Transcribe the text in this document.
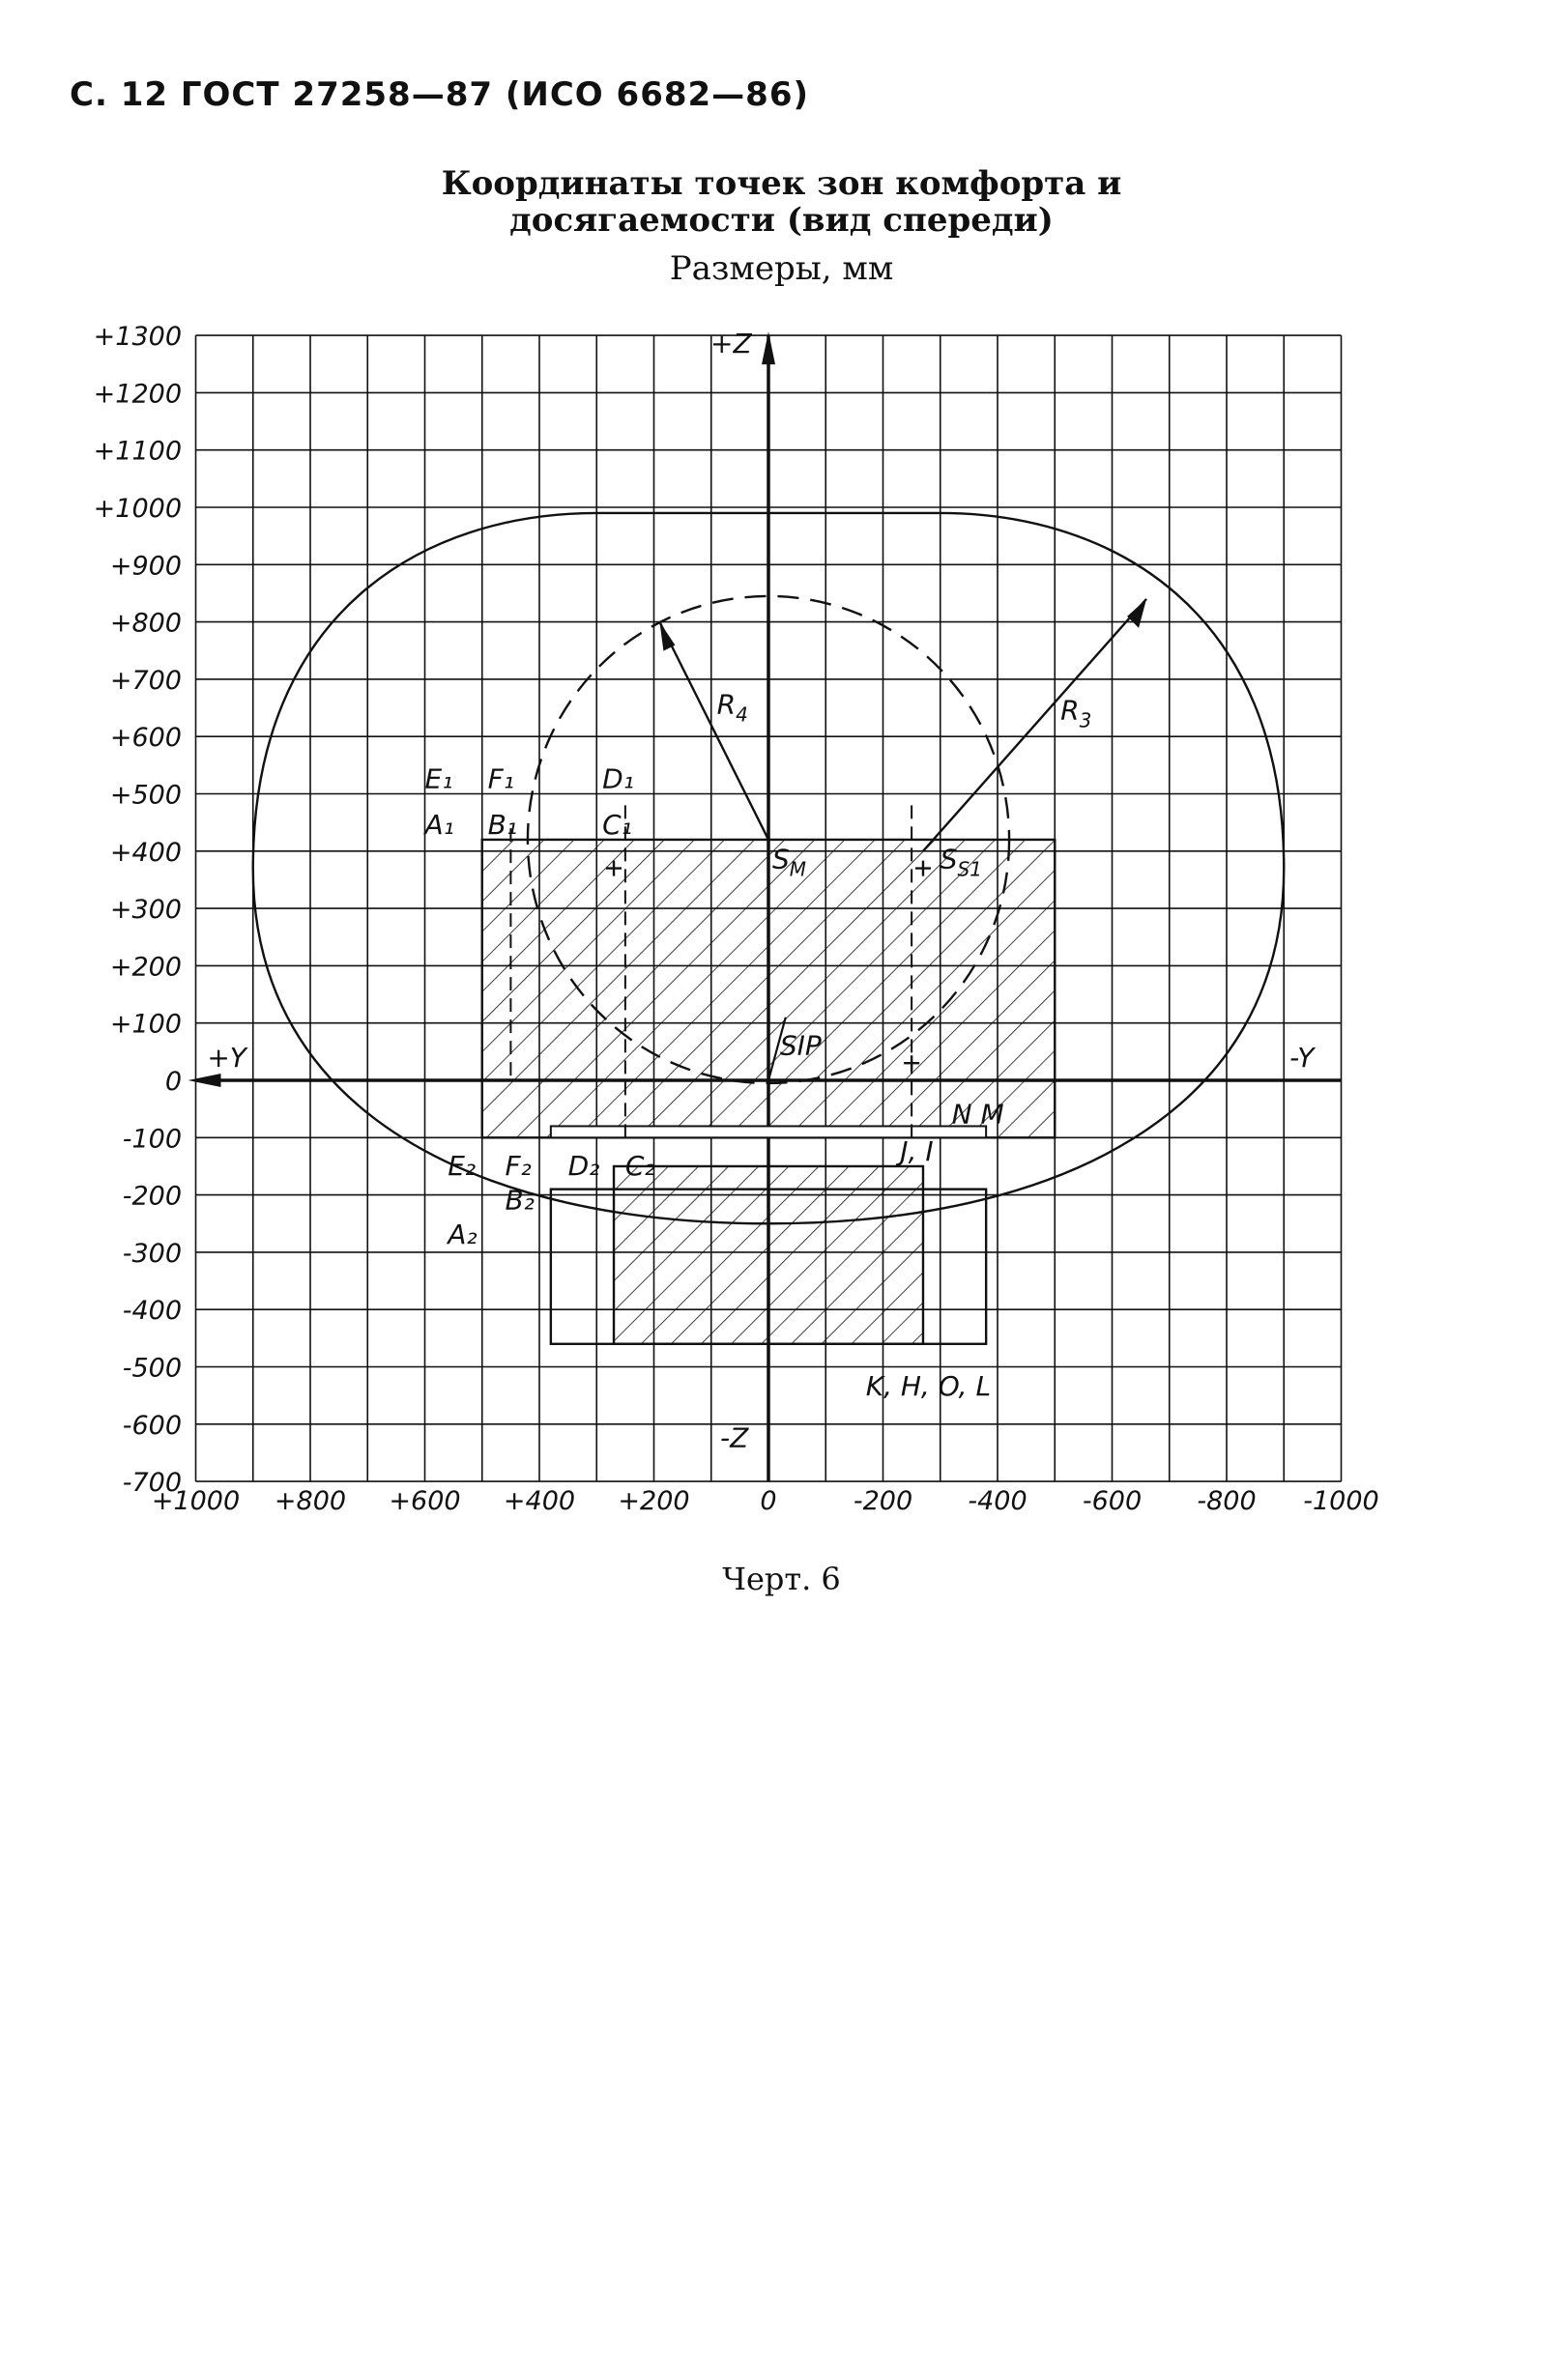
С. 12 ГОСТ 27258—87 (ИСО 6682—86)
Координаты точек зон комфорта и
досягаемости (вид спереди)
Размеры, мм
+1300
+1200
+1100
+1000
+900
+800
+700
+600
+500
+400
+300
+200
+100
0
-100
-200
-300
-400
-500
-600
-700
+1000 +800 +600 +400 +200	0	-200 -400 -600 -800 -1000
+Z
-Z
+Y	-Y
E₁ F₁	D₁
A₁ B₁	C₁
SIP
N M
E₂ F₂ D₂ C₂
B₂
A₂
J, I
K, H, O, L
$S_M$	$S_{S1}$
$R_4$	$R_3$
Черт. 6
